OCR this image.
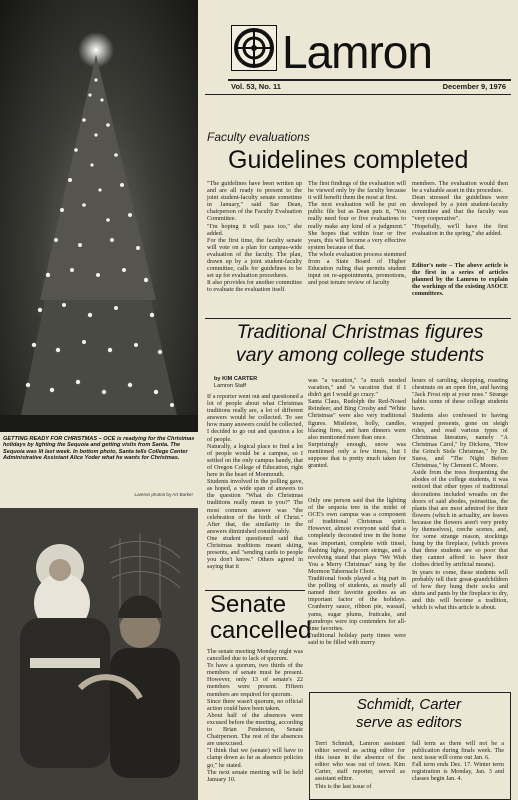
GETTING READY FOR CHRISTMAS – OCE is readying for the Christmas holidays by lighting the Sequoia and getting visits from Santa. The Sequoia was lit last week. In bottom photo, Santa tells College Center Administrative Assistant Alice Yoder what he wants for Christmas.
Lamron photos by Art Barker
Lamron
Vol. 53, No. 11	December 9, 1976
Faculty evaluations
Guidelines completed
"The guidelines have been written up and are all ready to present to the joint student-faculty senate sometime in January," said Sue Dean, chairperson of the Faculty Evaluation Committee.
"I'm hoping it will pass too," she added.
For the first time, the faculty senate will vote on a plan for campus-wide evaluation of the faculty. The plan, drawn up by a joint student-faculty committee, calls for guidelines to be set up for evaluation procedures.
It also provides for another committee to evaluate the evaluation itself.
The first findings of the evaluation will be viewed only by the faculty because it will benefit them the most at first.
The next evaluation will be put on public file but as Dean puts it, "You really need four or five evaluations to really make any kind of a judgment." She hopes that within four or five years, this will become a very effective system because of that.
The whole evaluation process stemmed from a State Board of Higher Education ruling that permits student input on re-appointments, promotions, and post tenure review of faculty
members. The evaluation would then be a valuable asset in this procedure.
Dean stressed the guidelines were developed by a joint student-faculty committee and that the faculty was "very cooperative".
"Hopefully, we'll have the first evaluation in the spring," she added.
Editor's note – The above article is the first in a series of articles planned by the Lamron to explain the workings of the existing ASOCE committees.
Traditional Christmas figures
vary among college students
by KIM CARTER
Lamron Staff
If a reporter went out and questioned a lot of people about what Christmas traditions really are, a lot of different answers would be collected. To see how many answers could be collected, I decided to go out and question a lot of people.
Naturally, a logical place to find a lot of people would be a campus, so I settled on the only campus handy, that of Oregon College of Education, right here in the heart of Monmouth.
Students involved in the polling gave, as hoped, a wide span of answers to the question "What do Christmas traditions really mean to you?" The most common answer was "the celebration of the birth of Christ." After that, the similarity in the answers diminished considerably.
One student questioned said that Christmas traditions meant skiing, presents, and "sending cards to people you don't know." Others agreed in saying that it
was "a vacation," "a much needed vacation," and "a vacation that if I didn't get I would go crazy."
Santa Claus, Rudolph the Red-Nosed Reindeer, and Bing Crosby and "White Christmas" were also very traditional figures. Mistletoe, holly, candles, blazing fires, and ham dinners were also mentioned more than once.
Surprisingly enough, snow was mentioned only a few times, but I suppose that is pretty much taken for granted.
Only one person said that the lighting of the sequoia tree in the midst of OCE's own campus was a component of traditional Christmas spirit. However, almost everyone said that a completely decorated tree in the home was important, complete with tinsel, flashing lights, popcorn strings, and a revolving stand that plays "We Wish You a Merry Christmas" sung by the Mormon Tabernacle Choir.
Traditional foods played a big part in the polling of students, as nearly all named their favorite goodies as an important factor of the holidays. Cranberry sauce, ribbon pie, wassail, yams, sugar plums, fruitcake, and gumdrops were top contenders for all-time favorites.
Traditional holiday party times were said to be filled with merry
hours of caroling, shopping, roasting chestnuts on an open fire, and having "Jack Frost nip at your nose." Strange habits some of these college students have.
Students also confessed to having wrapped presents, gone on sleigh rides, and read various types of Christmas literature, namely "A Christmas Carol," by Dickens, "How the Grinch Stole Christmas," by Dr. Suess, and "The Night Before Christmas," by Clement C. Moore.
Aside from the trees frequenting the abodes of the college students, it was noticed that other types of traditional decorations included wreaths on the doors of said abodes, poinsettias, the plants that are most admired for their flowers (which in actuality, are leaves because the flowers aren't very pretty by themselves), creche scenes, and, for some strange reason, stockings hung by the fireplace, (which proves that these students are so poor that they cannot afford to have their clothes dried by artificial means).
In years to come, these students will probably tell their great-grandchildren of how they hung their socks and shirts and pants by the fireplace to dry, and this will become a tradition, which is what this article is about.
Senate
cancelled
The senate meeting Monday night was cancelled due to lack of quorum.
To have a quorum, two thirds of the members of senate must be present. However, only 13 of senate's 22 members were present. Fifteen members are required for quorum.
Since there wasn't quorum, no official action could have been taken.
About half of the absences were excused before the meeting, according to Brian Fenderson, Senate Chairperson. The rest of the absences are unexcused.
"I think that we (senate) will have to clamp down as far as absence policies go," he stated.
The next senate meeting will be held January 10.
Schmidt, Carter
serve as editors
Terri Schmidt, Lamron assistant editor served as acting editor for this issue in the absence of the editor who was out of town. Kim Carter, staff reporter, served as assistant editor.
This is the last issue of
fall term as there will not be a publication during finals week. The next issue will come out Jan. 6.
Fall term ends Dec. 17. Winter term registration is Monday, Jan. 3 and classes begin Jan. 4.
